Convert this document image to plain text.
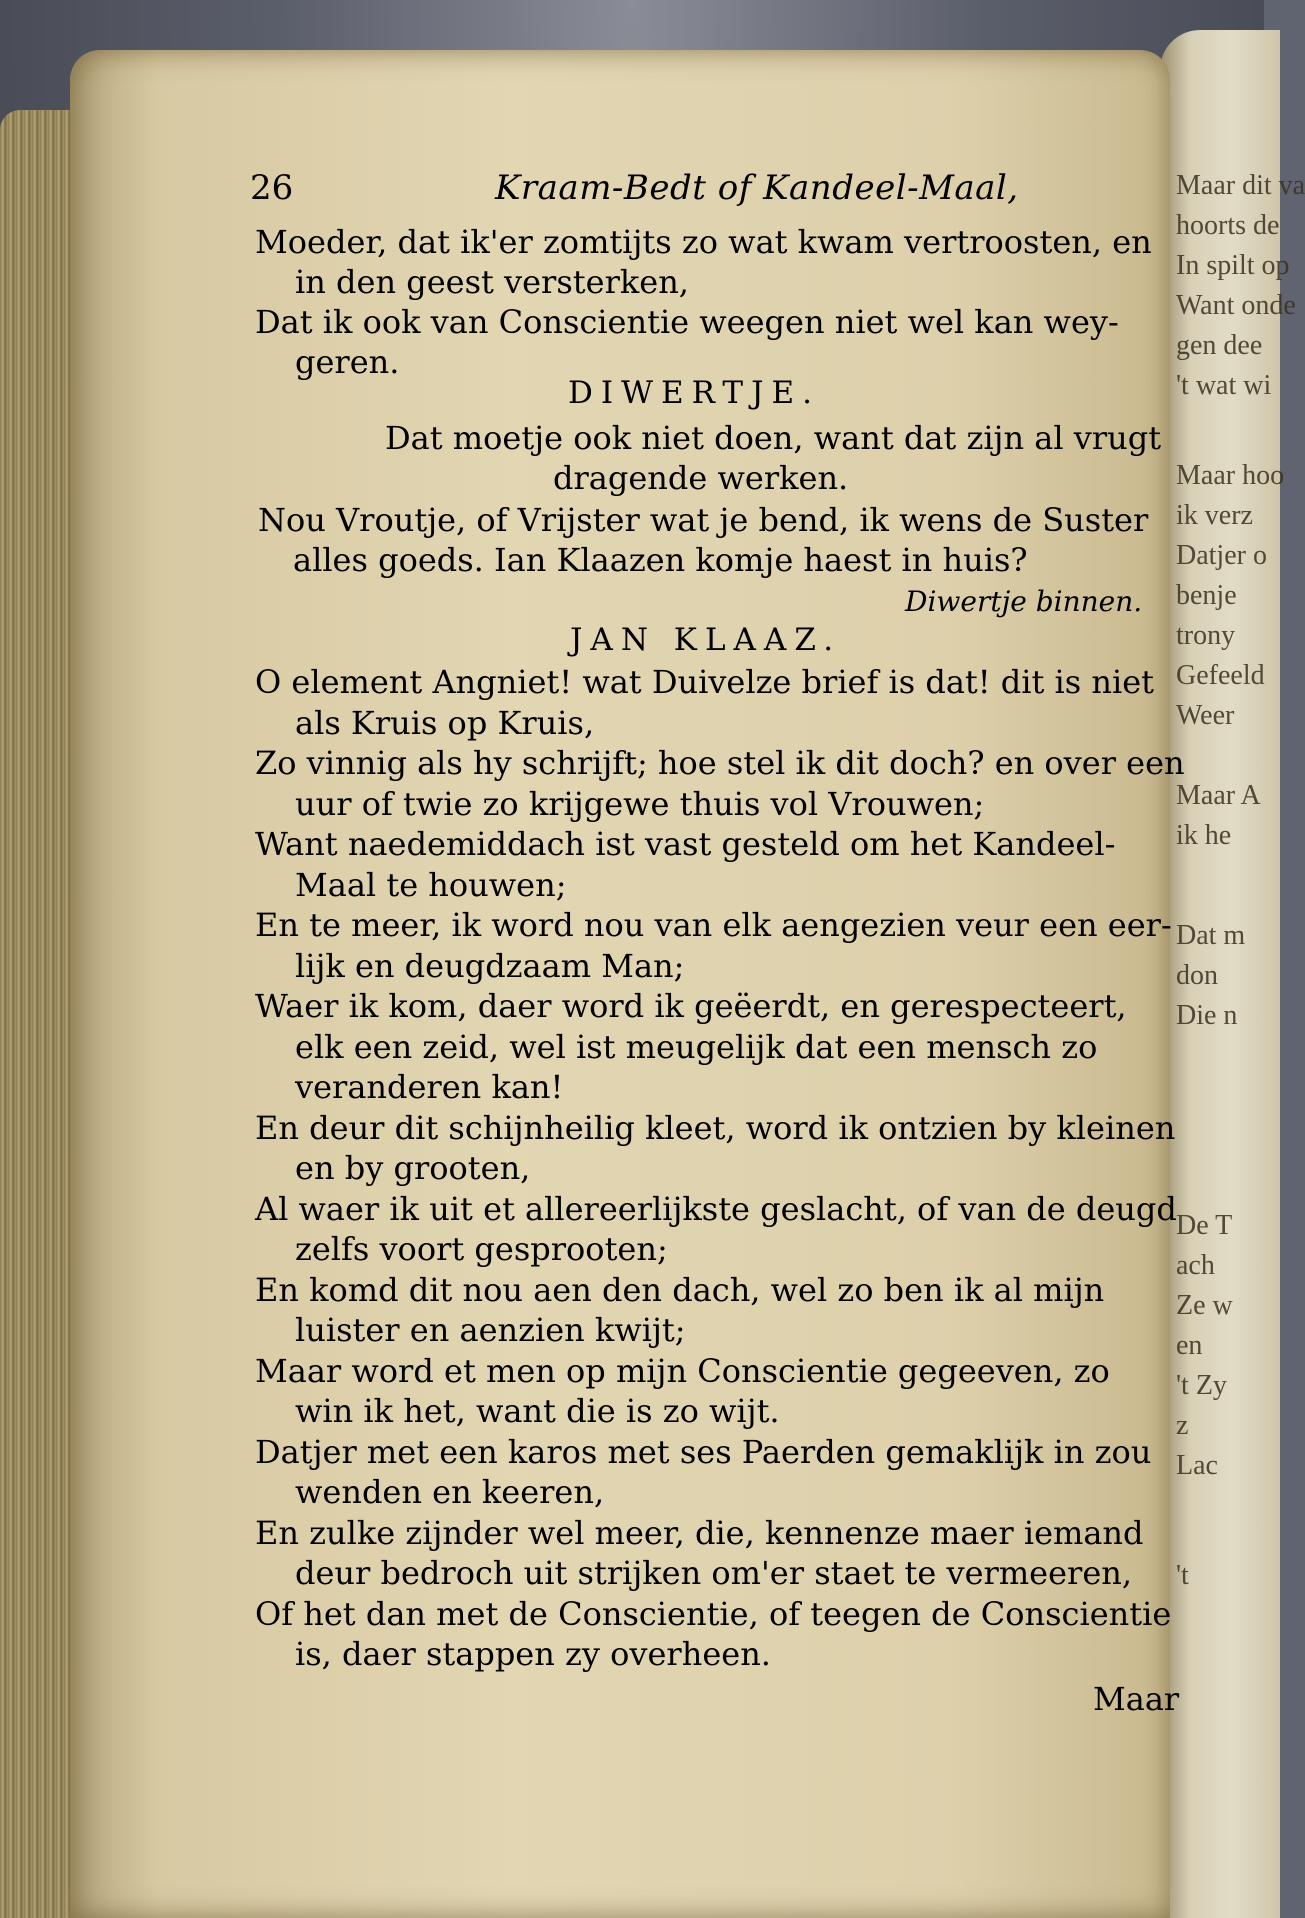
Maar dit va
hoorts de
In spilt op
Want onde
gen dee
't wat wi
Maar hoo
ik verz
Datjer o
benje
trony
Gefeeld
Weer
Maar A
ik he
Dat m
don
Die n
De T
ach
Ze w
en
't Zy
z
Lac
't
26	Kraam-Bedt of Kandeel-Maal,
Moeder, dat ik'er zomtijts zo wat kwam vertroosten, en
in den geest versterken,
Dat ik ook van Conscientie weegen niet wel kan wey-
geren.
DIWERTJE.
Dat moetje ook niet doen, want dat zijn al vrugt
dragende werken.
Nou Vroutje, of Vrijster wat je bend, ik wens de Suster
alles goeds. Ian Klaazen komje haest in huis?
Diwertje binnen.
JAN KLAAZ.
O element Angniet! wat Duivelze brief is dat! dit is niet
als Kruis op Kruis,
Zo vinnig als hy schrijft; hoe stel ik dit doch? en over een
uur of twie zo krijgewe thuis vol Vrouwen;
Want naedemiddach ist vast gesteld om het Kandeel-
Maal te houwen;
En te meer, ik word nou van elk aengezien veur een eer-
lijk en deugdzaam Man;
Waer ik kom, daer word ik geëerdt, en gerespecteert,
elk een zeid, wel ist meugelijk dat een mensch zo
veranderen kan!
En deur dit schijnheilig kleet, word ik ontzien by kleinen
en by grooten,
Al waer ik uit et allereerlijkste geslacht, of van de deugd
zelfs voort gesprooten;
En komd dit nou aen den dach, wel zo ben ik al mijn
luister en aenzien kwijt;
Maar word et men op mijn Conscientie gegeeven, zo
win ik het, want die is zo wijt.
Datjer met een karos met ses Paerden gemaklijk in zou
wenden en keeren,
En zulke zijnder wel meer, die, kennenze maer iemand
deur bedroch uit strijken om'er staet te vermeeren,
Of het dan met de Conscientie, of teegen de Conscientie
is, daer stappen zy overheen.
Maar
